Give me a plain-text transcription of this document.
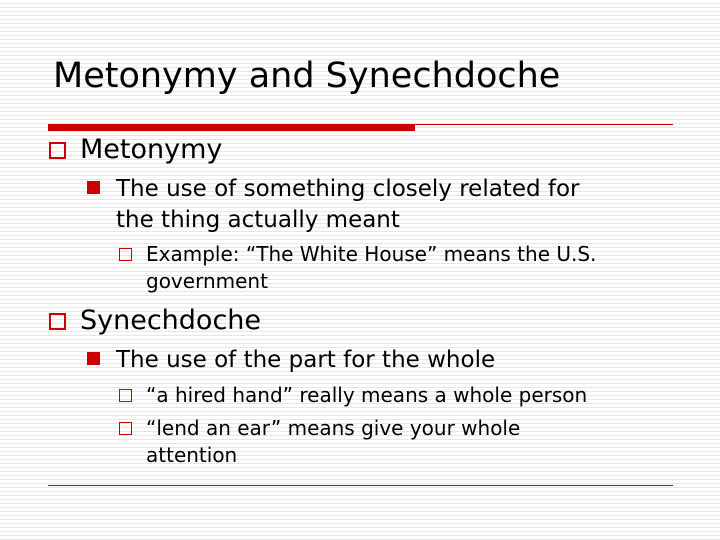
Metonymy and Synechdoche
Metonymy
The use of something closely related for
the thing actually meant
Example: “The White House” means the U.S.
government
Synechdoche
The use of the part for the whole
“a hired hand” really means a whole person
“lend an ear” means give your whole
attention
